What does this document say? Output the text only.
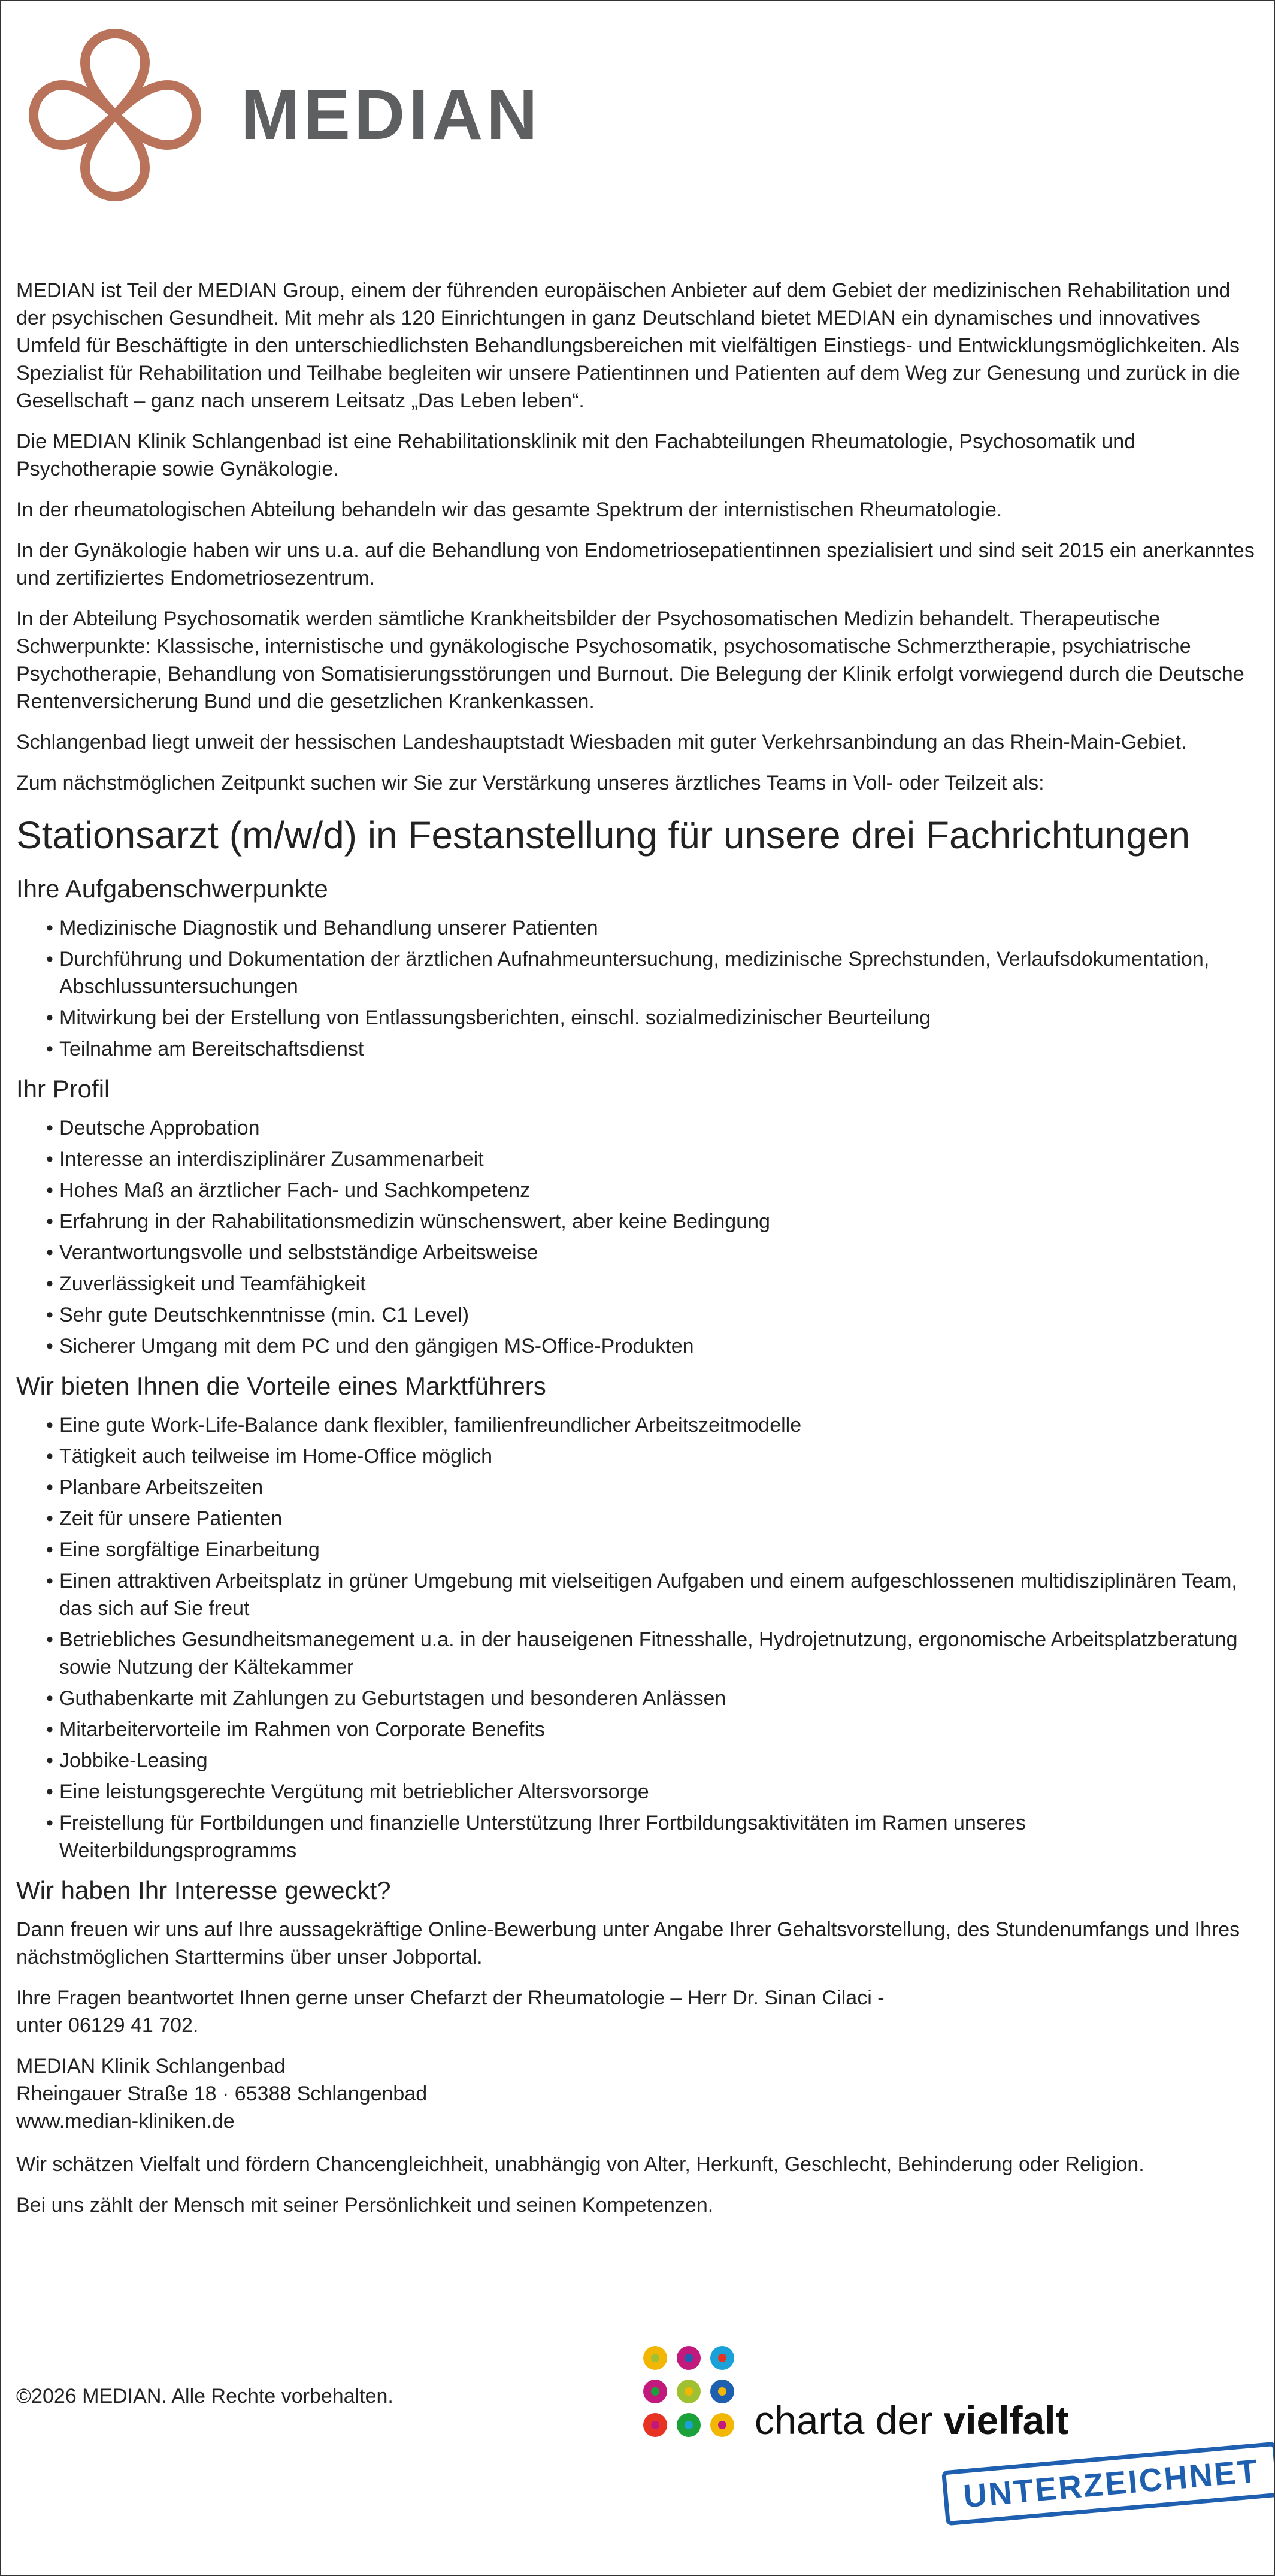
MEDIAN

MEDIAN ist Teil der MEDIAN Group, einem der führenden europäischen Anbieter auf dem Gebiet der medizinischen Rehabilitation und der psychischen Gesundheit. Mit mehr als 120 Einrichtungen in ganz Deutschland bietet MEDIAN ein dynamisches und innovatives Umfeld für Beschäftigte in den unterschiedlichsten Behandlungsbereichen mit vielfältigen Einstiegs- und Entwicklungsmöglichkeiten. Als Spezialist für Rehabilitation und Teilhabe begleiten wir unsere Patientinnen und Patienten auf dem Weg zur Genesung und zurück in die Gesellschaft – ganz nach unserem Leitsatz „Das Leben leben“.

Die MEDIAN Klinik Schlangenbad ist eine Rehabilitationsklinik mit den Fachabteilungen Rheumatologie, Psychosomatik und Psychotherapie sowie Gynäkologie.

In der rheumatologischen Abteilung behandeln wir das gesamte Spektrum der internistischen Rheumatologie.

In der Gynäkologie haben wir uns u.a. auf die Behandlung von Endometriosepatientinnen spezialisiert und sind seit 2015 ein anerkanntes und zertifiziertes Endometriosezentrum.

In der Abteilung Psychosomatik werden sämtliche Krankheitsbilder der Psychosomatischen Medizin behandelt. Therapeutische Schwerpunkte: Klassische, internistische und gynäkologische Psychosomatik, psychosomatische Schmerztherapie, psychiatrische Psychotherapie, Behandlung von Somatisierungsstörungen und Burnout. Die Belegung der Klinik erfolgt vorwiegend durch die Deutsche Rentenversicherung Bund und die gesetzlichen Krankenkassen.

Schlangenbad liegt unweit der hessischen Landeshauptstadt Wiesbaden mit guter Verkehrsanbindung an das Rhein-Main-Gebiet.

Zum nächstmöglichen Zeitpunkt suchen wir Sie zur Verstärkung unseres ärztliches Teams in Voll- oder Teilzeit als:

Stationsarzt (m/w/d) in Festanstellung für unsere drei Fachrichtungen
Ihre Aufgabenschwerpunkte
• Medizinische Diagnostik und Behandlung unserer Patienten
• Durchführung und Dokumentation der ärztlichen Aufnahmeuntersuchung, medizinische Sprechstunden, Verlaufsdokumentation, Abschlussuntersuchungen
• Mitwirkung bei der Erstellung von Entlassungsberichten, einschl. sozialmedizinischer Beurteilung
• Teilnahme am Bereitschaftsdienst
Ihr Profil
• Deutsche Approbation
• Interesse an interdisziplinärer Zusammenarbeit
• Hohes Maß an ärztlicher Fach- und Sachkompetenz
• Erfahrung in der Rahabilitationsmedizin wünschenswert, aber keine Bedingung
• Verantwortungsvolle und selbstständige Arbeitsweise
• Zuverlässigkeit und Teamfähigkeit
• Sehr gute Deutschkenntnisse (min. C1 Level)
• Sicherer Umgang mit dem PC und den gängigen MS-Office-Produkten
Wir bieten Ihnen die Vorteile eines Marktführers
• Eine gute Work-Life-Balance dank flexibler, familienfreundlicher Arbeitszeitmodelle
• Tätigkeit auch teilweise im Home-Office möglich
• Planbare Arbeitszeiten
• Zeit für unsere Patienten
• Eine sorgfältige Einarbeitung
• Einen attraktiven Arbeitsplatz in grüner Umgebung mit vielseitigen Aufgaben und einem aufgeschlossenen multidisziplinären Team, das sich auf Sie freut
• Betriebliches Gesundheitsmanegement u.a. in der hauseigenen Fitnesshalle, Hydrojetnutzung, ergonomische Arbeitsplatzberatung sowie Nutzung der Kältekammer
• Guthabenkarte mit Zahlungen zu Geburtstagen und besonderen Anlässen
• Mitarbeitervorteile im Rahmen von Corporate Benefits
• Jobbike-Leasing
• Eine leistungsgerechte Vergütung mit betrieblicher Altersvorsorge
• Freistellung für Fortbildungen und finanzielle Unterstützung Ihrer Fortbildungsaktivitäten im Ramen unseres Weiterbildungsprogramms
Wir haben Ihr Interesse geweckt?

Dann freuen wir uns auf Ihre aussagekräftige Online-Bewerbung unter Angabe Ihrer Gehaltsvorstellung, des Stundenumfangs und Ihres nächstmöglichen Starttermins über unser Jobportal.

Ihre Fragen beantwortet Ihnen gerne unser Chefarzt der Rheumatologie – Herr Dr. Sinan Cilaci -
unter 06129 41 702.

MEDIAN Klinik Schlangenbad

Rheingauer Straße 18 · 65388 Schlangenbad

www.median-kliniken.de

Wir schätzen Vielfalt und fördern Chancengleichheit, unabhängig von Alter, Herkunft, Geschlecht, Behinderung oder Religion.

Bei uns zählt der Mensch mit seiner Persönlichkeit und seinen Kompetenzen.

©2026 MEDIAN. Alle Rechte vorbehalten.
charta der vielfalt
UNTERZEICHNET
